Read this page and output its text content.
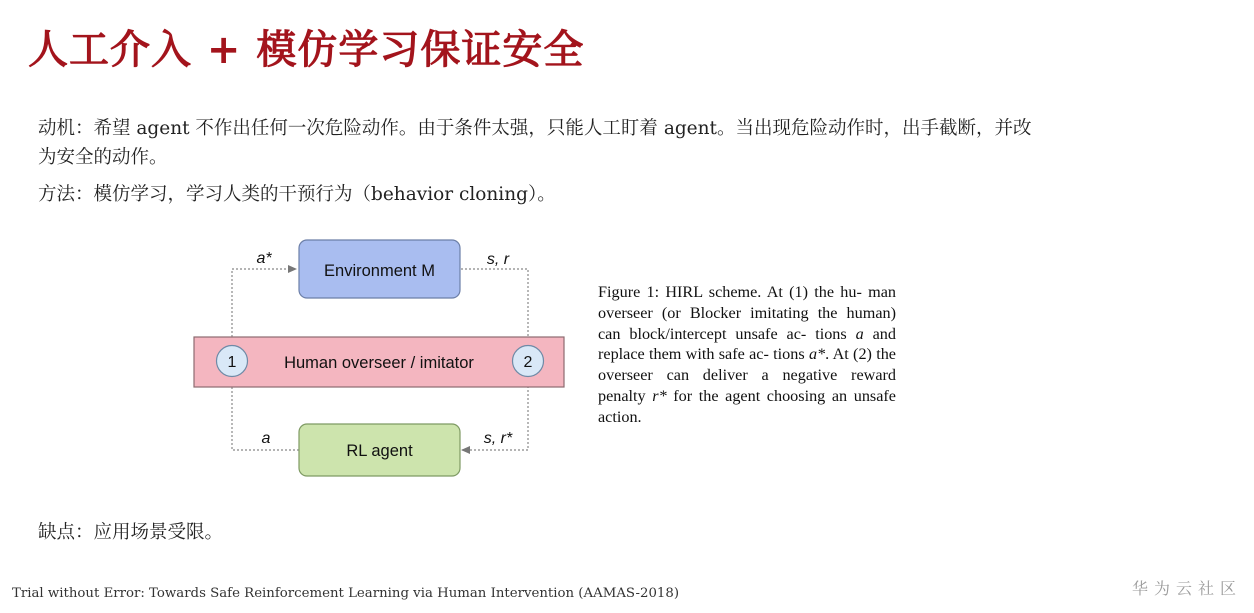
人工介入 + 模仿学习保证安全
动机：希望 agent 不作出任何一次危险动作。由于条件太强，只能人工盯着 agent。当出现危险动作时，出手截断，并改为安全的动作。
方法：模仿学习，学习人类的干预行为（behavior cloning）。
Environment M
Human overseer / imitator
1	2
RL agent
a*	s, r
a	s, r*
Figure 1: HIRL scheme. At (1) the hu- man overseer (or Blocker imitating the human) can block/intercept unsafe ac- tions a and replace them with safe ac- tions a*. At (2) the overseer can deliver a negative reward penalty r* for the agent choosing an unsafe action.
缺点：应用场景受限。
Trial without Error: Towards Safe Reinforcement Learning via Human Intervention (AAMAS-2018)	华为云社区
